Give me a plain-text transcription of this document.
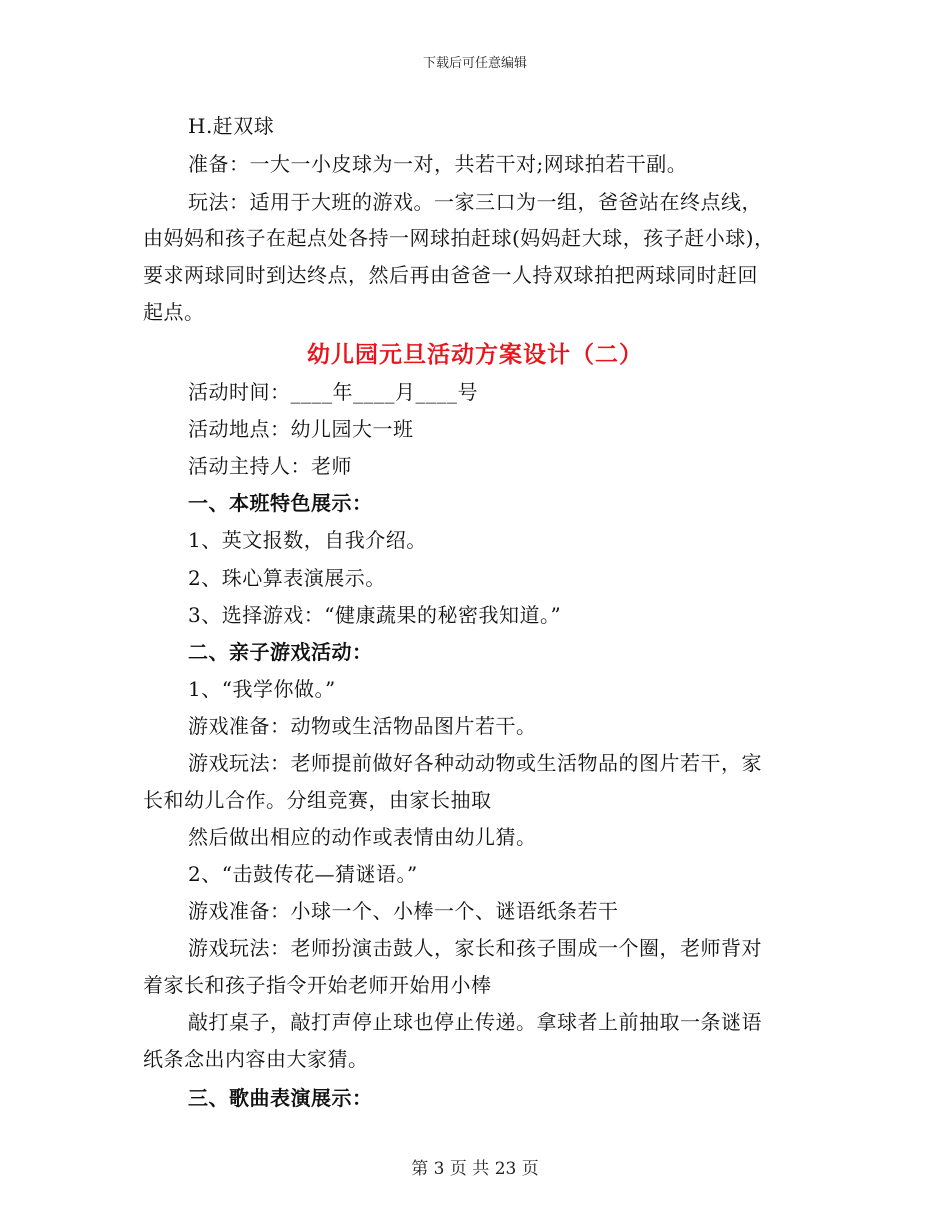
下载后可任意编辑
H.赶双球
准备：一大一小皮球为一对，共若干对;网球拍若干副。
玩法：适用于大班的游戏。一家三口为一组，爸爸站在终点线，
由妈妈和孩子在起点处各持一网球拍赶球(妈妈赶大球，孩子赶小球)，
要求两球同时到达终点，然后再由爸爸一人持双球拍把两球同时赶回
起点。
幼儿园元旦活动方案设计（二）
活动时间：____年____月____号
活动地点：幼儿园大一班
活动主持人：老师
一、本班特色展示：
1、英文报数，自我介绍。
2、珠心算表演展示。
3、选择游戏：“健康蔬果的秘密我知道。”
二、亲子游戏活动：
1、“我学你做。”
游戏准备：动物或生活物品图片若干。
游戏玩法：老师提前做好各种动动物或生活物品的图片若干，家
长和幼儿合作。分组竞赛，由家长抽取
然后做出相应的动作或表情由幼儿猜。
2、“击鼓传花—猜谜语。”
游戏准备：小球一个、小棒一个、谜语纸条若干
游戏玩法：老师扮演击鼓人，家长和孩子围成一个圈，老师背对
着家长和孩子指令开始老师开始用小棒
敲打桌子，敲打声停止球也停止传递。拿球者上前抽取一条谜语
纸条念出内容由大家猜。
三、歌曲表演展示：
第 3 页 共 23 页
